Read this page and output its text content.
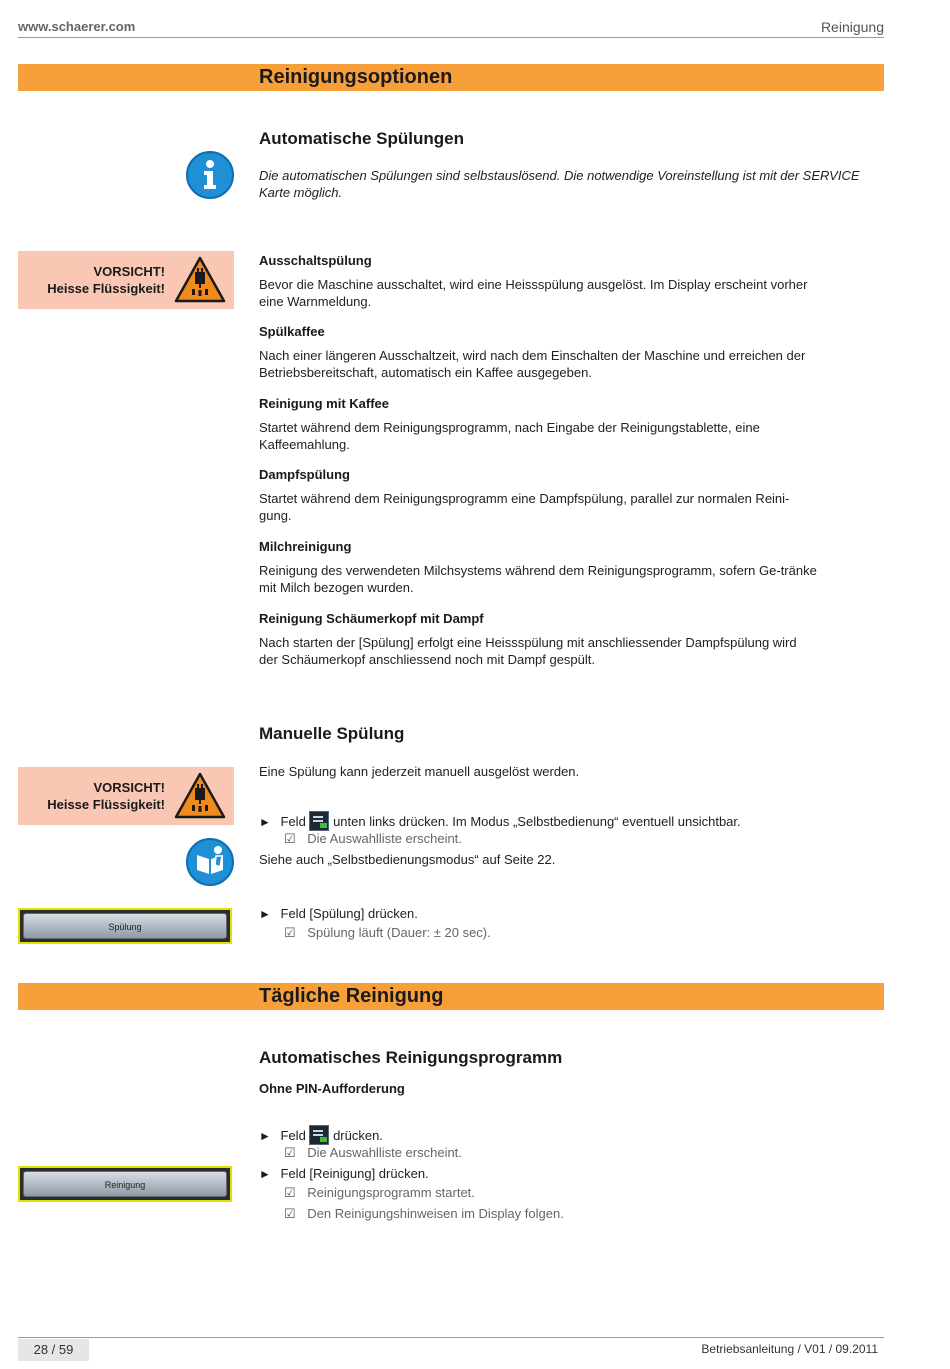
www.schaerer.com	Reinigung
Reinigungsoptionen
Automatische Spülungen
Die automatischen Spülungen sind selbstauslösend. Die notwendige Voreinstellung ist mit der SERVICE Karte möglich.
VORSICHT!
Heisse Flüssigkeit!
Ausschaltspülung
Bevor die Maschine ausschaltet, wird eine Heissspülung ausgelöst. Im Display erscheint vorher eine Warnmeldung.
Spülkaffee
Nach einer längeren Ausschaltzeit, wird nach dem Einschalten der Maschine und erreichen der Betriebsbereitschaft, automatisch ein Kaffee ausgegeben.
Reinigung mit Kaffee
Startet während dem Reinigungsprogramm, nach Eingabe der Reinigungstablette, eine Kaffeemahlung.
Dampfspülung
Startet während dem Reinigungsprogramm eine Dampfspülung, parallel zur normalen Reini-gung.
Milchreinigung
Reinigung des verwendeten Milchsystems während dem Reinigungsprogramm, sofern Ge-tränke mit Milch bezogen wurden.
Reinigung Schäumerkopf mit Dampf
Nach starten der [Spülung] erfolgt eine Heissspülung mit anschliessender Dampfspülung wird der Schäumerkopf anschliessend noch mit Dampf gespült.
Manuelle Spülung
Eine Spülung kann jederzeit manuell ausgelöst werden.
VORSICHT!
Heisse Flüssigkeit!
► Feld unten links drücken. Im Modus „Selbstbedienung“ eventuell unsichtbar.
☑ Die Auswahlliste erscheint.
Siehe auch „Selbstbedienungsmodus“ auf Seite 22.
Spülung
► Feld [Spülung] drücken.
☑ Spülung läuft (Dauer: ± 20 sec).
Tägliche Reinigung
Automatisches Reinigungsprogramm
Ohne PIN-Aufforderung
► Feld drücken.
☑ Die Auswahlliste erscheint.
Reinigung
► Feld [Reinigung] drücken.
☑ Reinigungsprogramm startet.
☑ Den Reinigungshinweisen im Display folgen.
28 / 59	Betriebsanleitung / V01 / 09.2011
